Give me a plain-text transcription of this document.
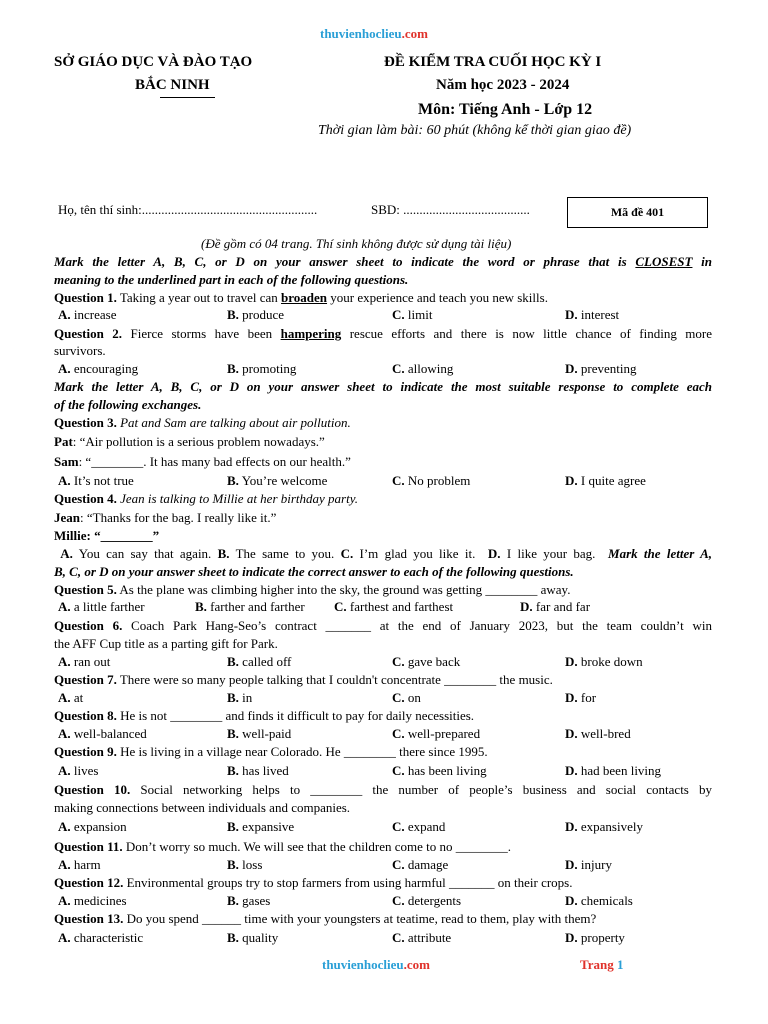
thuvienhoclieu.com
SỞ GIÁO DỤC VÀ ĐÀO TẠO
BẮC NINH
ĐỀ KIỂM TRA CUỐI HỌC KỲ I
Năm học 2023 - 2024
Môn: Tiếng Anh - Lớp 12
Thời gian làm bài: 60 phút (không kể thời gian giao đề)
Họ, tên thí sinh:......................................................	SBD: .......................................	Mã đề 401
(Đề gồm có 04 trang. Thí sinh không được sử dụng tài liệu)
Mark the letter A, B, C, or D on your answer sheet to indicate the word or phrase that is CLOSEST in
meaning to the underlined part in each of the following questions.
Question 1. Taking a year out to travel can broaden your experience and teach you new skills.
A. increase	B. produce	C. limit	D. interest
Question 2. Fierce storms have been hampering rescue efforts and there is now little chance of finding more
survivors.
A. encouraging	B. promoting	C. allowing	D. preventing
Mark the letter A, B, C, or D on your answer sheet to indicate the most suitable response to complete each
of the following exchanges.
Question 3. Pat and Sam are talking about air pollution.
Pat: “Air pollution is a serious problem nowadays.”
Sam: “________. It has many bad effects on our health.”
A. It’s not true	B. You’re welcome	C. No problem	D. I quite agree
Question 4. Jean is talking to Millie at her birthday party.
Jean: “Thanks for the bag. I really like it.”
Millie: “________”
A. You can say that again. B. The same to you. C. I’m glad you like it. D. I like your bag. Mark the letter A,
B, C, or D on your answer sheet to indicate the correct answer to each of the following questions.
Question 5. As the plane was climbing higher into the sky, the ground was getting ________ away.
A. a little farther	B. farther and farther C. farthest and farthest	D. far and far
Question 6. Coach Park Hang-Seo’s contract _______ at the end of January 2023, but the team couldn’t win
the AFF Cup title as a parting gift for Park.
A. ran out	B. called off	C. gave back	D. broke down
Question 7. There were so many people talking that I couldn't concentrate ________ the music.
A. at	B. in	C. on	D. for
Question 8. He is not ________ and finds it difficult to pay for daily necessities.
A. well-balanced	B. well-paid	C. well-prepared	D. well-bred
Question 9. He is living in a village near Colorado. He ________ there since 1995.
A. lives	B. has lived	C. has been living	D. had been living
Question 10. Social networking helps to ________ the number of people’s business and social contacts by
making connections between individuals and companies.
A. expansion	B. expansive	C. expand	D. expansively
Question 11. Don’t worry so much. We will see that the children come to no ________.
A. harm	B. loss	C. damage	D. injury
Question 12. Environmental groups try to stop farmers from using harmful _______ on their crops.
A. medicines	B. gases	C. detergents	D. chemicals
Question 13. Do you spend ______ time with your youngsters at teatime, read to them, play with them?
A. characteristic	B. quality	C. attribute	D. property
thuvienhoclieu.com	Trang 1
